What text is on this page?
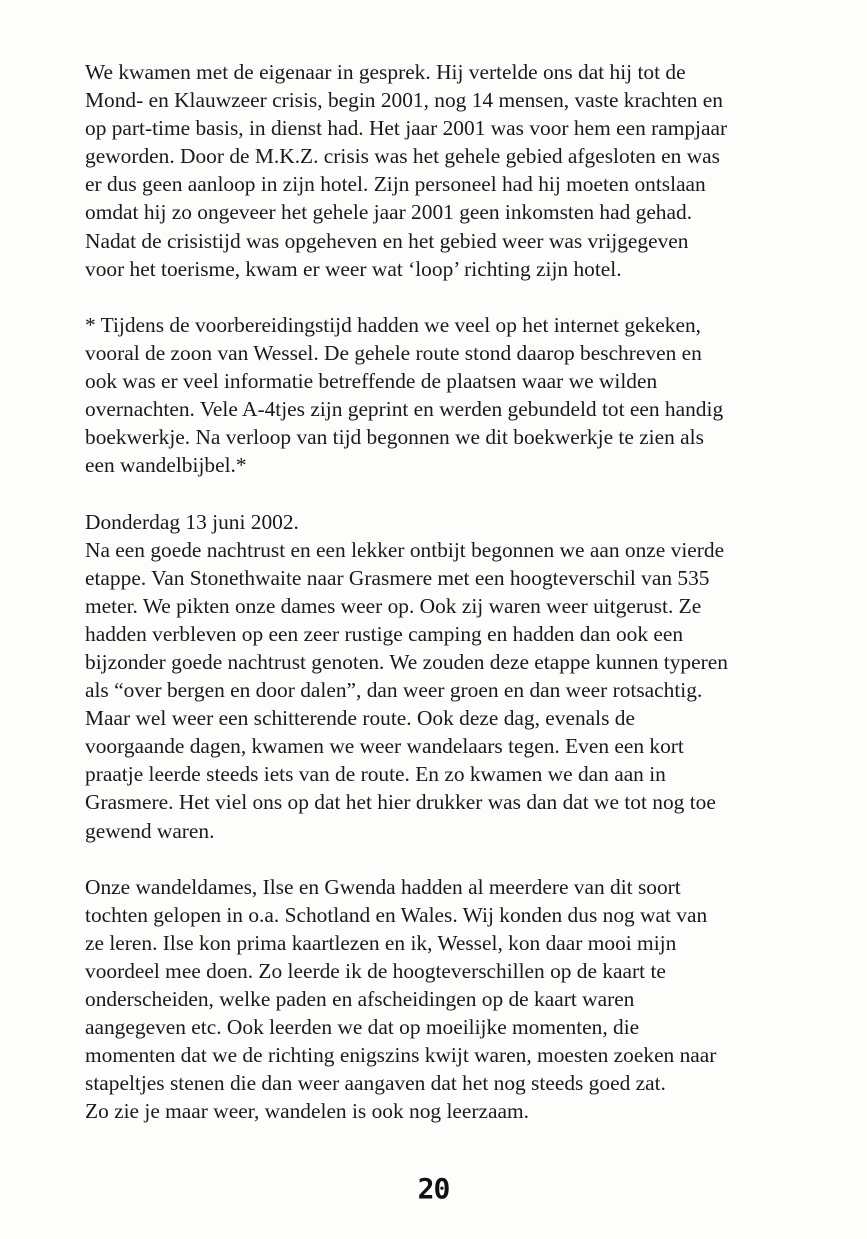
We kwamen met de eigenaar in gesprek. Hij vertelde ons dat hij tot de
Mond- en Klauwzeer crisis, begin 2001, nog 14 mensen, vaste krachten en
op part-time basis, in dienst had. Het jaar 2001 was voor hem een rampjaar
geworden. Door de M.K.Z. crisis was het gehele gebied afgesloten en was
er dus geen aanloop in zijn hotel. Zijn personeel had hij moeten ontslaan
omdat hij zo ongeveer het gehele jaar 2001 geen inkomsten had gehad.
Nadat de crisistijd was opgeheven en het gebied weer was vrijgegeven
voor het toerisme, kwam er weer wat ‘loop’ richting zijn hotel.

* Tijdens de voorbereidingstijd hadden we veel op het internet gekeken,
vooral de zoon van Wessel. De gehele route stond daarop beschreven en
ook was er veel informatie betreffende de plaatsen waar we wilden
overnachten. Vele A-4tjes zijn geprint en werden gebundeld tot een handig
boekwerkje. Na verloop van tijd begonnen we dit boekwerkje te zien als
een wandelbijbel.*

Donderdag 13 juni 2002.
Na een goede nachtrust en een lekker ontbijt begonnen we aan onze vierde
etappe. Van Stonethwaite naar Grasmere met een hoogteverschil van 535
meter. We pikten onze dames weer op. Ook zij waren weer uitgerust. Ze
hadden verbleven op een zeer rustige camping en hadden dan ook een
bijzonder goede nachtrust genoten. We zouden deze etappe kunnen typeren
als “over bergen en door dalen”, dan weer groen en dan weer rotsachtig.
Maar wel weer een schitterende route. Ook deze dag, evenals de
voorgaande dagen, kwamen we weer wandelaars tegen. Even een kort
praatje leerde steeds iets van de route. En zo kwamen we dan aan in
Grasmere. Het viel ons op dat het hier drukker was dan dat we tot nog toe
gewend waren.

Onze wandeldames, Ilse en Gwenda hadden al meerdere van dit soort
tochten gelopen in o.a. Schotland en Wales. Wij konden dus nog wat van
ze leren. Ilse kon prima kaartlezen en ik, Wessel, kon daar mooi mijn
voordeel mee doen. Zo leerde ik de hoogteverschillen op de kaart te
onderscheiden, welke paden en afscheidingen op de kaart waren
aangegeven etc. Ook leerden we dat op moeilijke momenten, die
momenten dat we de richting enigszins kwijt waren, moesten zoeken naar
stapeltjes stenen die dan weer aangaven dat het nog steeds goed zat.
Zo zie je maar weer, wandelen is ook nog leerzaam.

20
